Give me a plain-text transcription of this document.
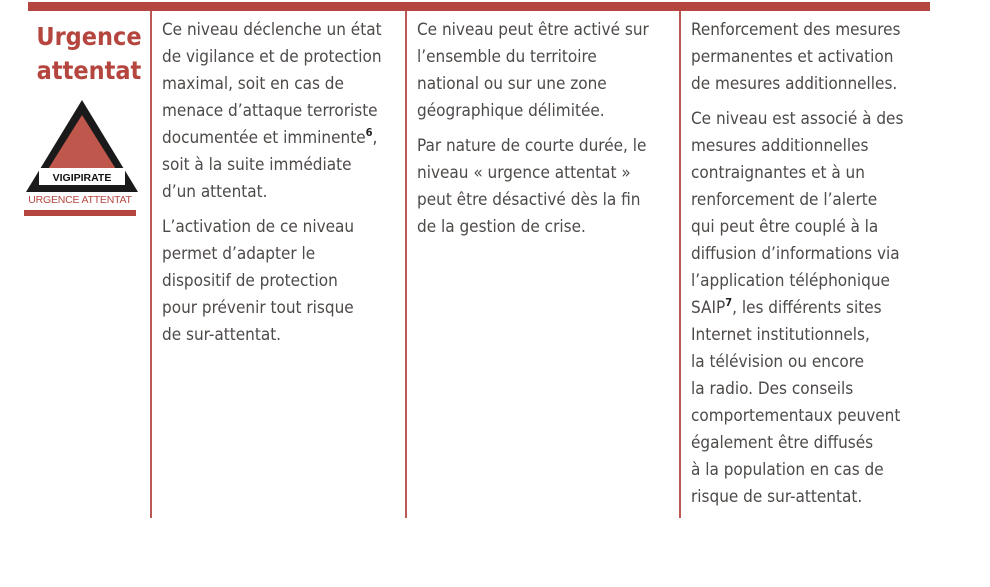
Urgence
attentat
VIGIPIRATE
URGENCE ATTENTAT

Ce niveau déclenche un état
de vigilance et de protection
maximal, soit en cas de
menace d’attaque terroriste
documentée et imminente$^6$,
soit à la suite immédiate
d’un attentat.

L’activation de ce niveau
permet d’adapter le
dispositif de protection
pour prévenir tout risque
de sur-attentat.

Ce niveau peut être activé sur
l’ensemble du territoire
national ou sur une zone
géographique délimitée.

Par nature de courte durée, le
niveau « urgence attentat »
peut être désactivé dès la fin
de la gestion de crise.

Renforcement des mesures
permanentes et activation
de mesures additionnelles.

Ce niveau est associé à des
mesures additionnelles
contraignantes et à un
renforcement de l’alerte
qui peut être couplé à la
diffusion d’informations via
l’application téléphonique
SAIP$^7$, les différents sites
Internet institutionnels,
la télévision ou encore
la radio. Des conseils
comportementaux peuvent
également être diffusés
à la population en cas de
risque de sur-attentat.
